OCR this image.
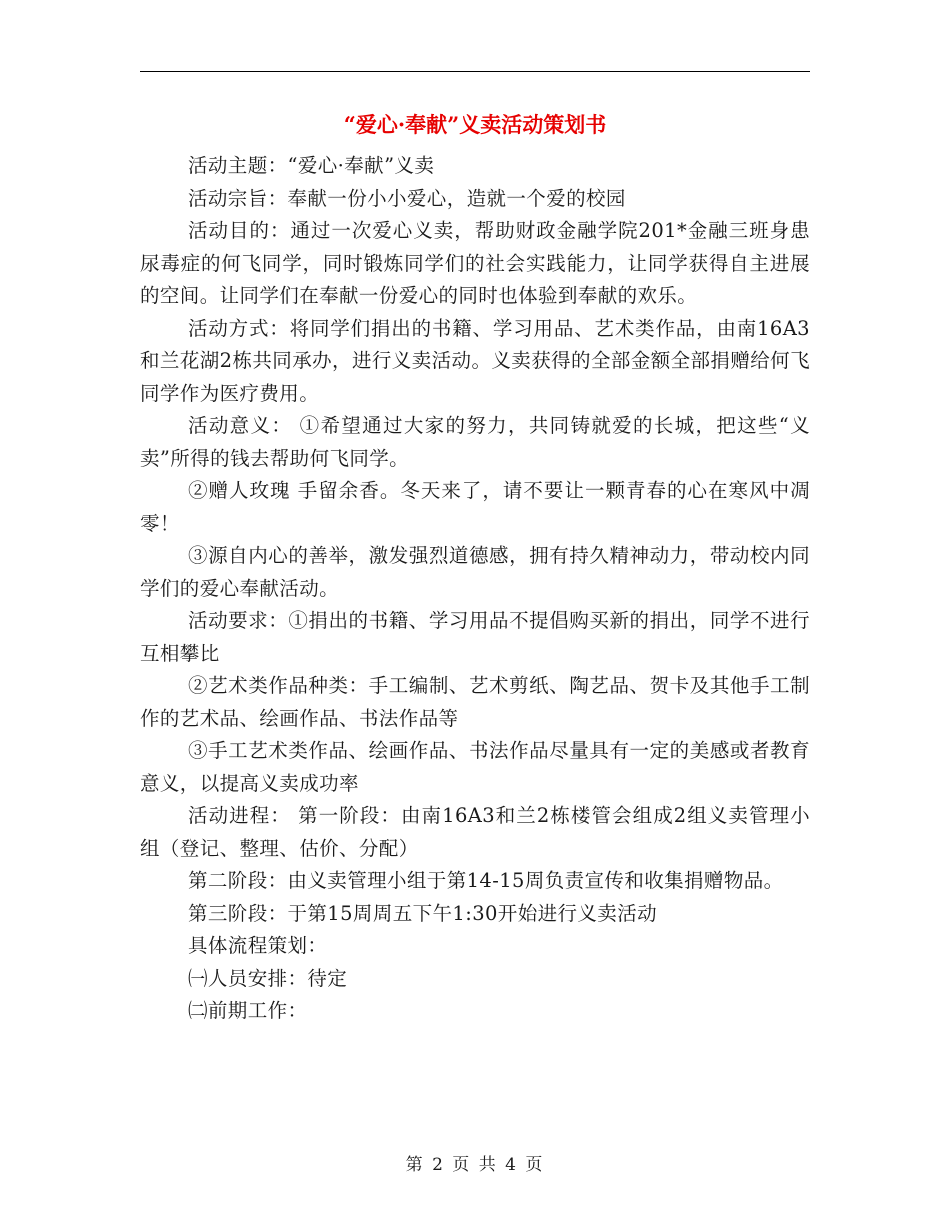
“爱心·奉献”义卖活动策划书

活动主题：“爱心·奉献”义卖

活动宗旨：奉献一份小小爱心，造就一个爱的校园

活动目的：通过一次爱心义卖，帮助财政金融学院201*金融三班身患尿毒症的何飞同学，同时锻炼同学们的社会实践能力，让同学获得自主进展的空间。让同学们在奉献一份爱心的同时也体验到奉献的欢乐。

活动方式：将同学们捐出的书籍、学习用品、艺术类作品，由南16A3和兰花湖2栋共同承办，进行义卖活动。义卖获得的全部金额全部捐赠给何飞同学作为医疗费用。

活动意义： ①希望通过大家的努力，共同铸就爱的长城，把这些“义卖”所得的钱去帮助何飞同学。

②赠人玫瑰 手留余香。冬天来了，请不要让一颗青春的心在寒风中凋零！

③源自内心的善举，激发强烈道德感，拥有持久精神动力，带动校内同学们的爱心奉献活动。

活动要求：①捐出的书籍、学习用品不提倡购买新的捐出，同学不进行互相攀比

②艺术类作品种类：手工编制、艺术剪纸、陶艺品、贺卡及其他手工制作的艺术品、绘画作品、书法作品等

③手工艺术类作品、绘画作品、书法作品尽量具有一定的美感或者教育意义，以提高义卖成功率

活动进程： 第一阶段：由南16A3和兰2栋楼管会组成2组义卖管理小组（登记、整理、估价、分配）

第二阶段：由义卖管理小组于第14-15周负责宣传和收集捐赠物品。

第三阶段：于第15周周五下午1:30开始进行义卖活动

具体流程策划：

㈠人员安排：待定

㈡前期工作：

第 2 页 共 4 页
